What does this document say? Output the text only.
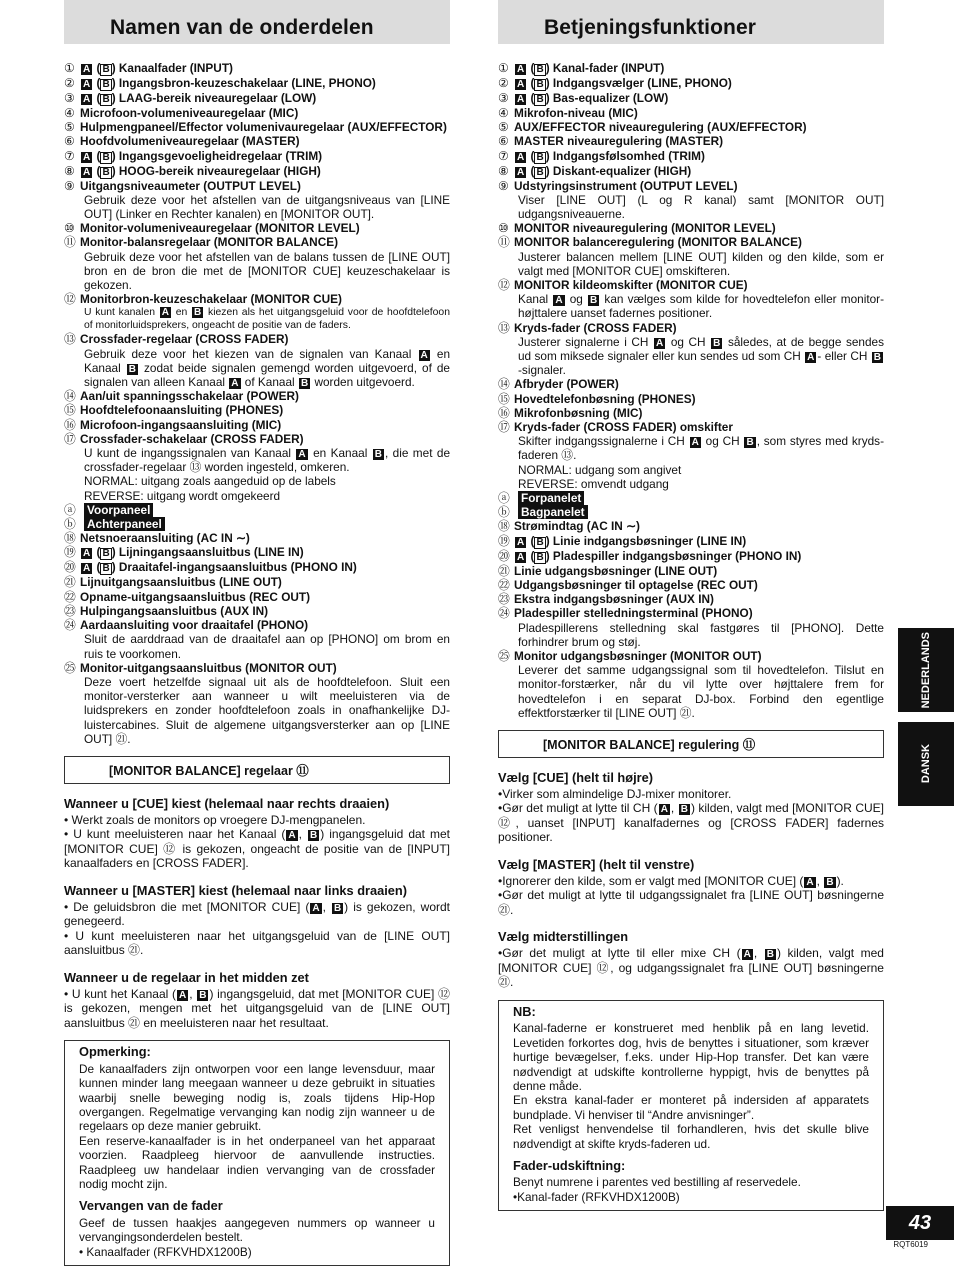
Namen van de onderdelen
① A ( B ) Kanaalfader (INPUT)
② A ( B ) Ingangsbron-keuzeschakelaar (LINE, PHONO)
③ A ( B ) LAAG-bereik niveauregelaar (LOW)
④ Microfoon-volumeniveauregelaar (MIC)
⑤ Hulpmengpaneel/Effector volumenivauregelaar (AUX/EFFECTOR)
⑥ Hoofdvolumeniveauregelaar (MASTER)
⑦ A ( B ) Ingangsgevoeligheidregelaar (TRIM)
⑧ A ( B ) HOOG-bereik niveauregelaar (HIGH)
⑨ Uitgangsniveaumeter (OUTPUT LEVEL)
Gebruik deze voor het afstellen van de uitgangsniveaus van [LINE OUT] (Linker en Rechter kanalen) en [MONITOR OUT].
⑩ Monitor-volumeniveauregelaar (MONITOR LEVEL)
⑪ Monitor-balansregelaar (MONITOR BALANCE)
Gebruik deze voor het afstellen van de balans tussen de [LINE OUT] bron en de bron die met de [MONITOR CUE] keuzeschakelaar is gekozen.
⑫ Monitorbron-keuzeschakelaar (MONITOR CUE)
U kunt kanalen A en B kiezen als het uitgangsgeluid voor de hoofdtelefoon of monitorluidsprekers, ongeacht de positie van de faders.
⑬ Crossfader-regelaar (CROSS FADER)
Gebruik deze voor het kiezen van de signalen van Kanaal A en Kanaal B zodat beide signalen gemengd worden uitgevoerd, of de signalen van alleen Kanaal A of Kanaal B worden uitgevoerd.
⑭ Aan/uit spanningsschakelaar (POWER)
⑮ Hoofdtelefoonaansluiting (PHONES)
⑯ Microfoon-ingangsaansluiting (MIC)
⑰ Crossfader-schakelaar (CROSS FADER)
U kunt de ingangssignalen van Kanaal A en Kanaal B , die met de crossfader-regelaar ⑬ worden ingesteld, omkeren.
NORMAL: uitgang zoals aangeduid op de labels
REVERSE: uitgang wordt omgekeerd
ⓐ Voorpaneel
ⓑ Achterpaneel
⑱ Netsnoeraansluiting (AC IN ∼)
⑲ A ( B ) Lijningangsaansluitbus (LINE IN)
⑳ A ( B ) Draaitafel-ingangsaansluitbus (PHONO IN)
㉑ Lijnuitgangsaansluitbus (LINE OUT)
㉒ Opname-uitgangsaansluitbus (REC OUT)
㉓ Hulpingangsaansluitbus (AUX IN)
㉔ Aardaansluiting voor draaitafel (PHONO)
Sluit de aarddraad van de draaitafel aan op [PHONO] om brom en ruis te voorkomen.
㉕ Monitor-uitgangsaansluitbus (MONITOR OUT)
Deze voert hetzelfde signaal uit als de hoofdtelefoon. Sluit een monitor-versterker aan wanneer u wilt meeluisteren via de luidsprekers en zonder hoofdtelefoon zoals in onafhankelijke DJ-luistercabines. Sluit de algemene uitgangsversterker aan op [LINE OUT] ㉑.
[MONITOR BALANCE] regelaar ⑪
Wanneer u [CUE] kiest (helemaal naar rechts draaien)
• Werkt zoals de monitors op vroegere DJ-mengpanelen.
• U kunt meeluisteren naar het Kanaal ( A , B ) ingangsgeluid dat met [MONITOR CUE] ⑫ is gekozen, ongeacht de positie van de [INPUT] kanaalfaders en [CROSS FADER].
Wanneer u [MASTER] kiest (helemaal naar links draaien)
• De geluidsbron die met [MONITOR CUE] ( A , B ) is gekozen, wordt genegeerd.
• U kunt meeluisteren naar het uitgangsgeluid van de [LINE OUT] aansluitbus ㉑.
Wanneer u de regelaar in het midden zet
• U kunt het Kanaal ( A , B ) ingangsgeluid, dat met [MONITOR CUE] ⑫ is gekozen, mengen met het uitgangsgeluid van de [LINE OUT] aansluitbus ㉑ en meeluisteren naar het resultaat.
Opmerking:

De kanaalfaders zijn ontworpen voor een lange levensduur, maar kunnen minder lang meegaan wanneer u deze gebruikt in situaties waarbij snelle beweging nodig is, zoals tijdens Hip-Hop overgangen. Regelmatige vervanging kan nodig zijn wanneer u de regelaars op deze manier gebruikt.
Een reserve-kanaalfader is in het onderpaneel van het apparaat voorzien. Raadpleeg hiervoor de aanvullende instructies. Raadpleeg uw handelaar indien vervanging van de crossfader nodig mocht zijn.

Vervangen van de fader

Geef de tussen haakjes aangegeven nummers op wanneer u vervangingsonderdelen bestelt.
• Kanaalfader (RFKVHDX1200B)

Betjeningsfunktioner
① A ( B ) Kanal-fader (INPUT)
② A ( B ) Indgangsvælger (LINE, PHONO)
③ A ( B ) Bas-equalizer (LOW)
④ Mikrofon-niveau (MIC)
⑤ AUX/EFFECTOR niveauregulering (AUX/EFFECTOR)
⑥ MASTER niveauregulering (MASTER)
⑦ A ( B ) Indgangsfølsomhed (TRIM)
⑧ A ( B ) Diskant-equalizer (HIGH)
⑨ Udstyringsinstrument (OUTPUT LEVEL)
Viser [LINE OUT] (L og R kanal) samt [MONITOR OUT] udgangsniveauerne.
⑩ MONITOR niveauregulering (MONITOR LEVEL)
⑪ MONITOR balanceregulering (MONITOR BALANCE)
Justerer balancen mellem [LINE OUT] kilden og den kilde, som er valgt med [MONITOR CUE] omskifteren.
⑫ MONITOR kildeomskifter (MONITOR CUE)
Kanal A og B kan vælges som kilde for hovedtelefon eller monitor-højttalere uanset fadernes positioner.
⑬ Kryds-fader (CROSS FADER)
Justerer signalerne i CH A og CH B således, at de begge sendes ud som miksede signaler eller kun sendes ud som CH A - eller CH B-signaler.
⑭ Afbryder (POWER)
⑮ Hovedtelefonbøsning (PHONES)
⑯ Mikrofonbøsning (MIC)
⑰ Kryds-fader (CROSS FADER) omskifter
Skifter indgangssignalerne i CH A og CH B , som styres med kryds-faderen ⑬.
NORMAL: udgang som angivet
REVERSE: omvendt udgang
ⓐ Forpanelet
ⓑ Bagpanelet
⑱ Strømindtag (AC IN ∼)
⑲ A ( B ) Linie indgangsbøsninger (LINE IN)
⑳ A ( B ) Pladespiller indgangsbøsninger (PHONO IN)
㉑ Linie udgangsbøsninger (LINE OUT)
㉒ Udgangsbøsninger til optagelse (REC OUT)
㉓ Ekstra indgangsbøsninger (AUX IN)
㉔ Pladespiller stelledningsterminal (PHONO)
Pladespillerens stelledning skal fastgøres til [PHONO]. Dette forhindrer brum og støj.
㉕ Monitor udgangsbøsninger (MONITOR OUT)
Leverer det samme udgangssignal som til hovedtelefon. Tilslut en monitor-forstærker, når du vil lytte over højttalere frem for hovedtelefon i en separat DJ-box. Forbind den egentlige effektforstærker til [LINE OUT] ㉑.
[MONITOR BALANCE] regulering ⑪
Vælg [CUE] (helt til højre)
•Virker som almindelige DJ-mixer monitorer.
•Gør det muligt at lytte til CH ( A , B ) kilden, valgt med [MONITOR CUE] ⑫, uanset [INPUT] kanalfadernes og [CROSS FADER] fadernes positioner.
Vælg [MASTER] (helt til venstre)
•Ignorerer den kilde, som er valgt med [MONITOR CUE] ( A , B ).
•Gør det muligt at lytte til udgangssignalet fra [LINE OUT] bøsningerne ㉑.
Vælg midterstillingen
•Gør det muligt at lytte til eller mixe CH ( A , B ) kilden, valgt med [MONITOR CUE] ⑫, og udgangssignalet fra [LINE OUT] bøsningerne ㉑.
NB:

Kanal-faderne er konstrueret med henblik på en lang levetid. Levetiden forkortes dog, hvis de benyttes i situationer, som kræver hurtige bevægelser, f.eks. under Hip-Hop transfer. Det kan være nødvendigt at udskifte kontrollerne hyppigt, hvis de benyttes på denne måde.
En ekstra kanal-fader er monteret på indersiden af apparatets bundplade. Vi henviser til “Andre anvisninger”.
Ret venligst henvendelse til forhandleren, hvis det skulle blive nødvendigt at skifte kryds-faderen ud.

Fader-udskiftning:

Benyt numrene i parentes ved bestilling af reservedele.
•Kanal-fader (RFKVHDX1200B)

NEDERLANDS
DANSK
43
RQT6019
